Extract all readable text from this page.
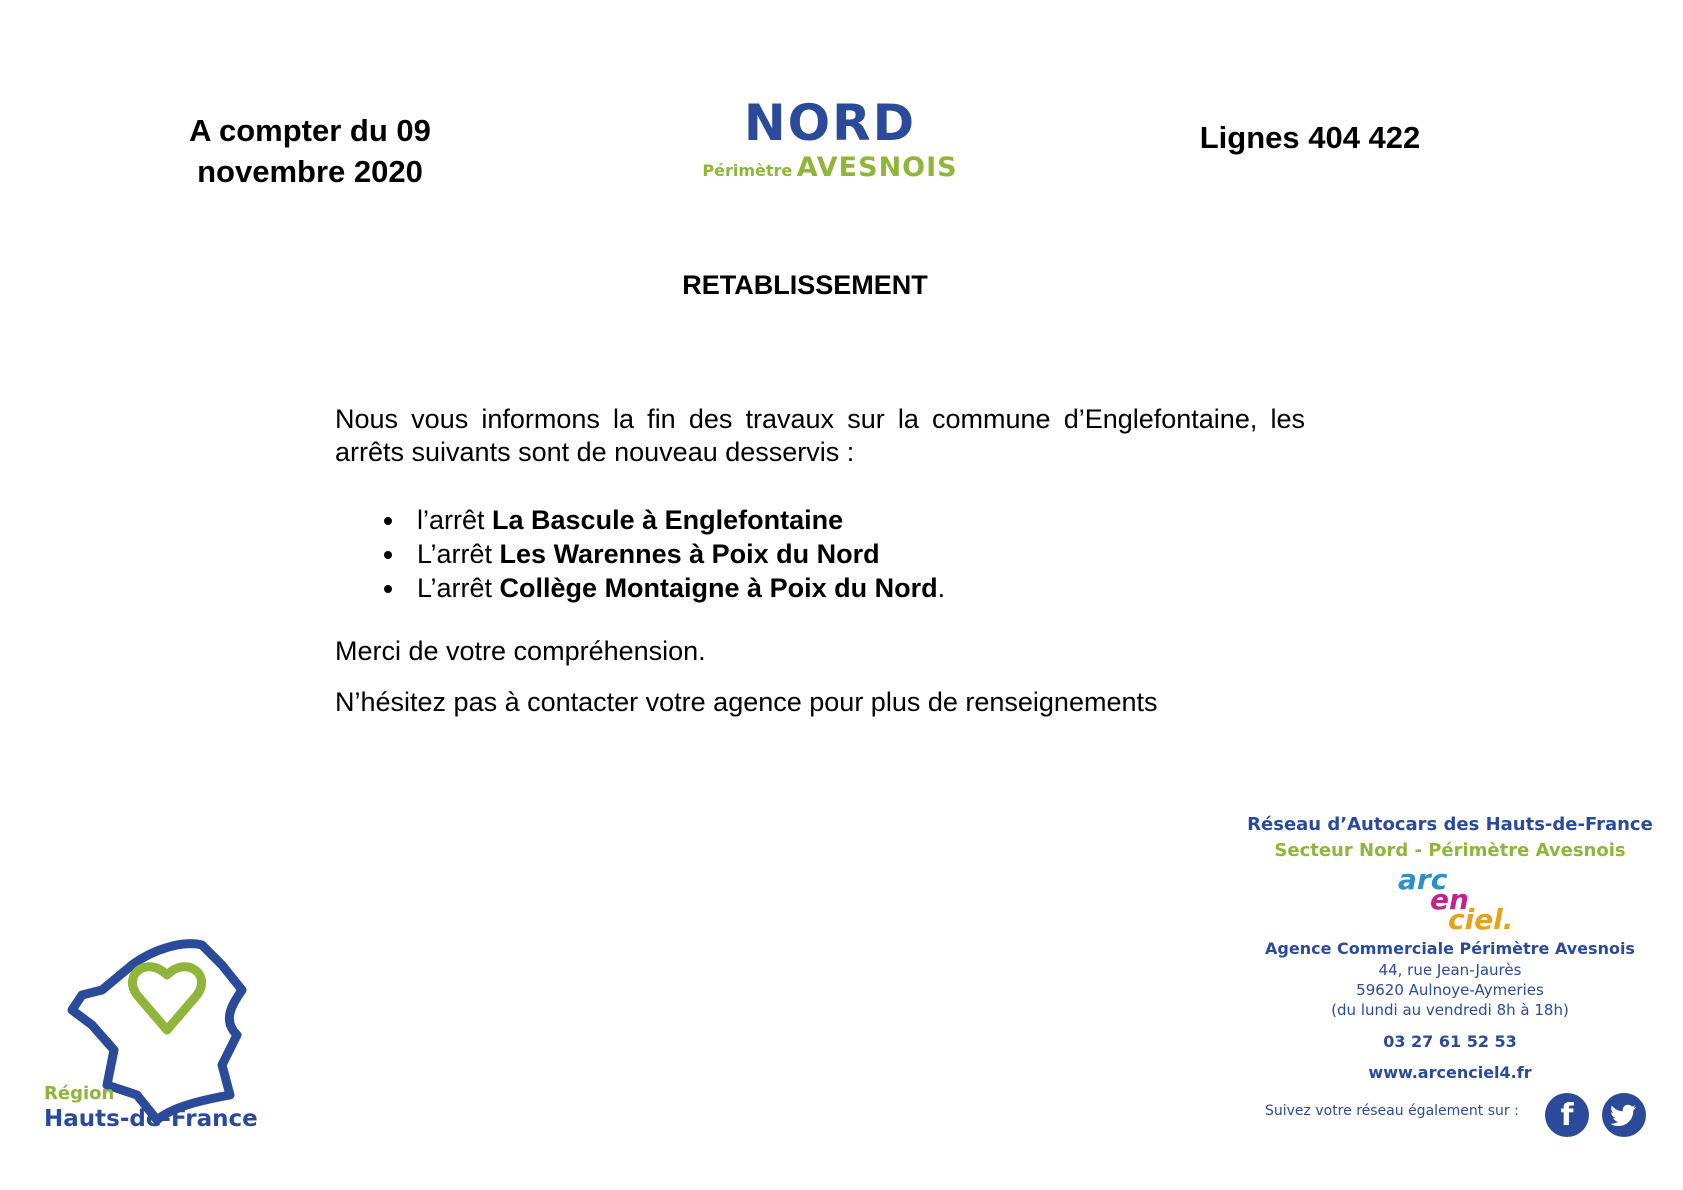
A compter du 09
novembre 2020
NORD
Périmètre AVESNOIS
Lignes 404 422
RETABLISSEMENT

Nous vous informons la fin des travaux sur la commune d’Englefontaine, les arrêts suivants sont de nouveau desservis :

• l’arrêt La Bascule à Englefontaine
• L’arrêt Les Warennes à Poix du Nord
• L’arrêt Collège Montaigne à Poix du Nord.

Merci de votre compréhension.

N’hésitez pas à contacter votre agence pour plus de renseignements

Région
Hauts-de-France
Réseau d’Autocars des Hauts-de-France
Secteur Nord - Périmètre Avesnois
arc
en
ciel.
Agence Commerciale Périmètre Avesnois
44, rue Jean-Jaurès
59620 Aulnoye-Aymeries
(du lundi au vendredi 8h à 18h)
03 27 61 52 53
www.arcenciel4.fr
Suivez votre réseau également sur : f
